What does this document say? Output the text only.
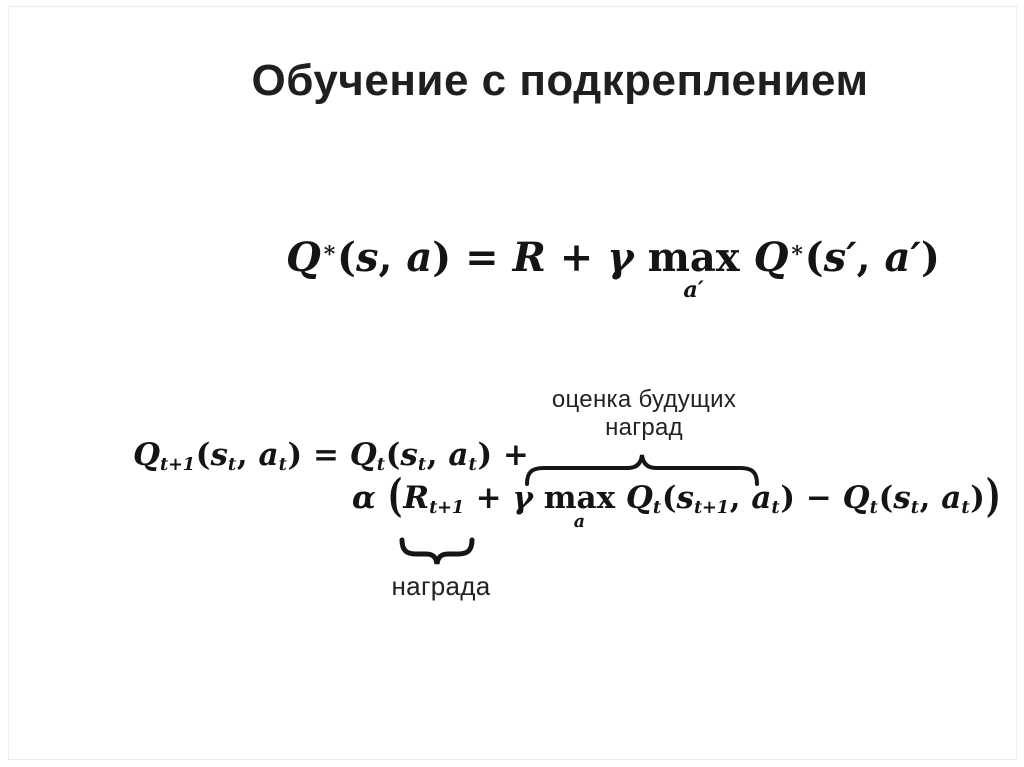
Обучение с подкреплением
Q∗(s, a) = R + γ max
a′
Q∗(s′, a′)
оценка будущих
наград
$Q_{t+1}(s_t$, $a_t) = Q_t(s_t$, $a_t$) +
α ($R_{t+1} + \gamma$ max
a
$Q_t(s_{t+1}$, $a_t) - Q_t(s_t$, $a_t$))
награда
